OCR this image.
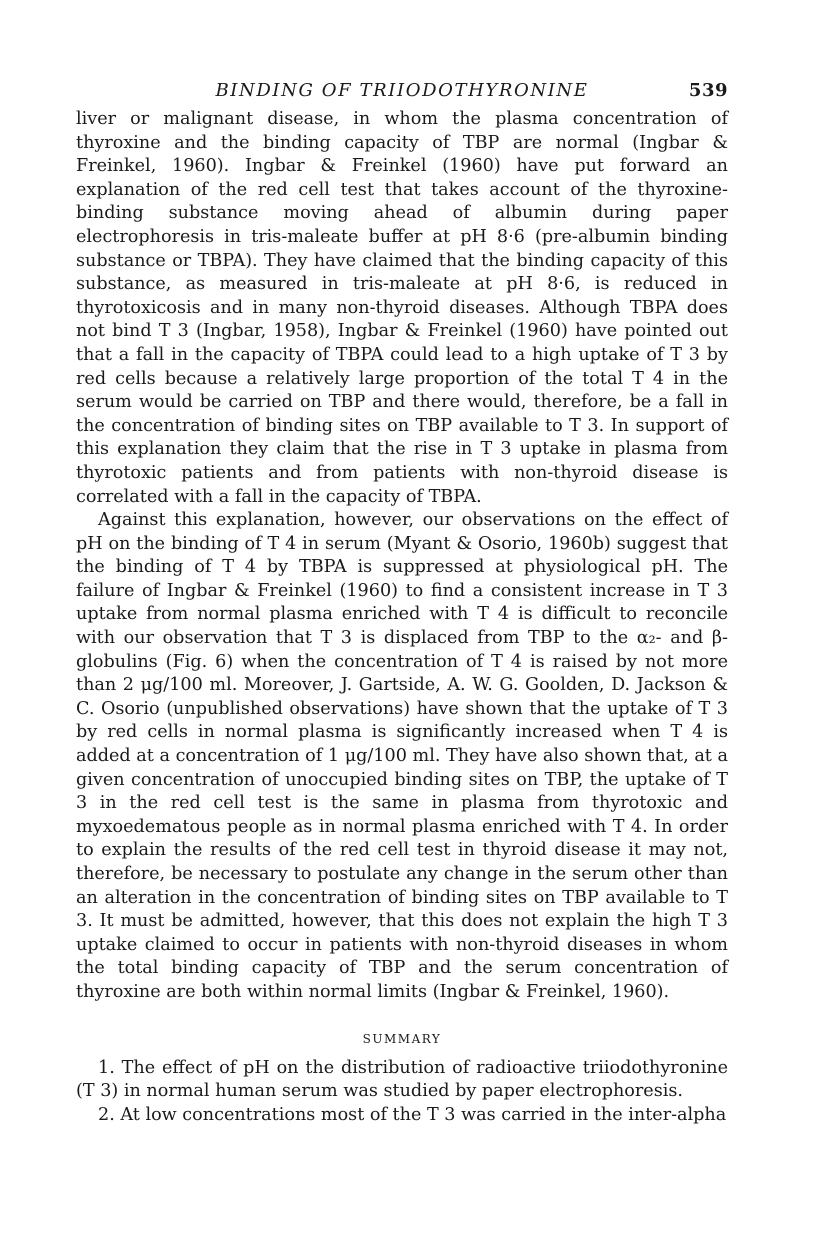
BINDING OF TRIIODOTHYRONINE	539

liver or malignant disease, in whom the plasma concentration of thyroxine and the binding capacity of TBP are normal (Ingbar & Freinkel, 1960). Ingbar & Freinkel (1960) have put forward an explanation of the red cell test that takes account of the thyroxine-binding substance moving ahead of albumin during paper electrophoresis in tris-maleate buffer at pH 8·6 (pre-albumin binding substance or TBPA). They have claimed that the binding capacity of this substance, as measured in tris-maleate at pH 8·6, is reduced in thyrotoxicosis and in many non-thyroid diseases. Although TBPA does not bind T 3 (Ingbar, 1958), Ingbar & Freinkel (1960) have pointed out that a fall in the capacity of TBPA could lead to a high uptake of T 3 by red cells because a relatively large proportion of the total T 4 in the serum would be carried on TBP and there would, therefore, be a fall in the concentration of binding sites on TBP available to T 3. In support of this explanation they claim that the rise in T 3 uptake in plasma from thyrotoxic patients and from patients with non-thyroid disease is correlated with a fall in the capacity of TBPA.

Against this explanation, however, our observations on the effect of pH on the binding of T 4 in serum (Myant & Osorio, 1960b) suggest that the binding of T 4 by TBPA is suppressed at physiological pH. The failure of Ingbar & Freinkel (1960) to find a consistent increase in T 3 uptake from normal plasma enriched with T 4 is difficult to reconcile with our observation that T 3 is displaced from TBP to the α₂- and β-globulins (Fig. 6) when the concentration of T 4 is raised by not more than 2 μg/100 ml. Moreover, J. Gartside, A. W. G. Goolden, D. Jackson & C. Osorio (unpublished observations) have shown that the uptake of T 3 by red cells in normal plasma is significantly increased when T 4 is added at a concentration of 1 μg/100 ml. They have also shown that, at a given concentration of unoccupied binding sites on TBP, the uptake of T 3 in the red cell test is the same in plasma from thyrotoxic and myxoedematous people as in normal plasma enriched with T 4. In order to explain the results of the red cell test in thyroid disease it may not, therefore, be necessary to postulate any change in the serum other than an alteration in the concentration of binding sites on TBP available to T 3. It must be admitted, however, that this does not explain the high T 3 uptake claimed to occur in patients with non-thyroid diseases in whom the total binding capacity of TBP and the serum concentration of thyroxine are both within normal limits (Ingbar & Freinkel, 1960).

SUMMARY

1. The effect of pH on the distribution of radioactive triiodothyronine (T 3) in normal human serum was studied by paper electrophoresis.

2. At low concentrations most of the T 3 was carried in the inter-alpha
